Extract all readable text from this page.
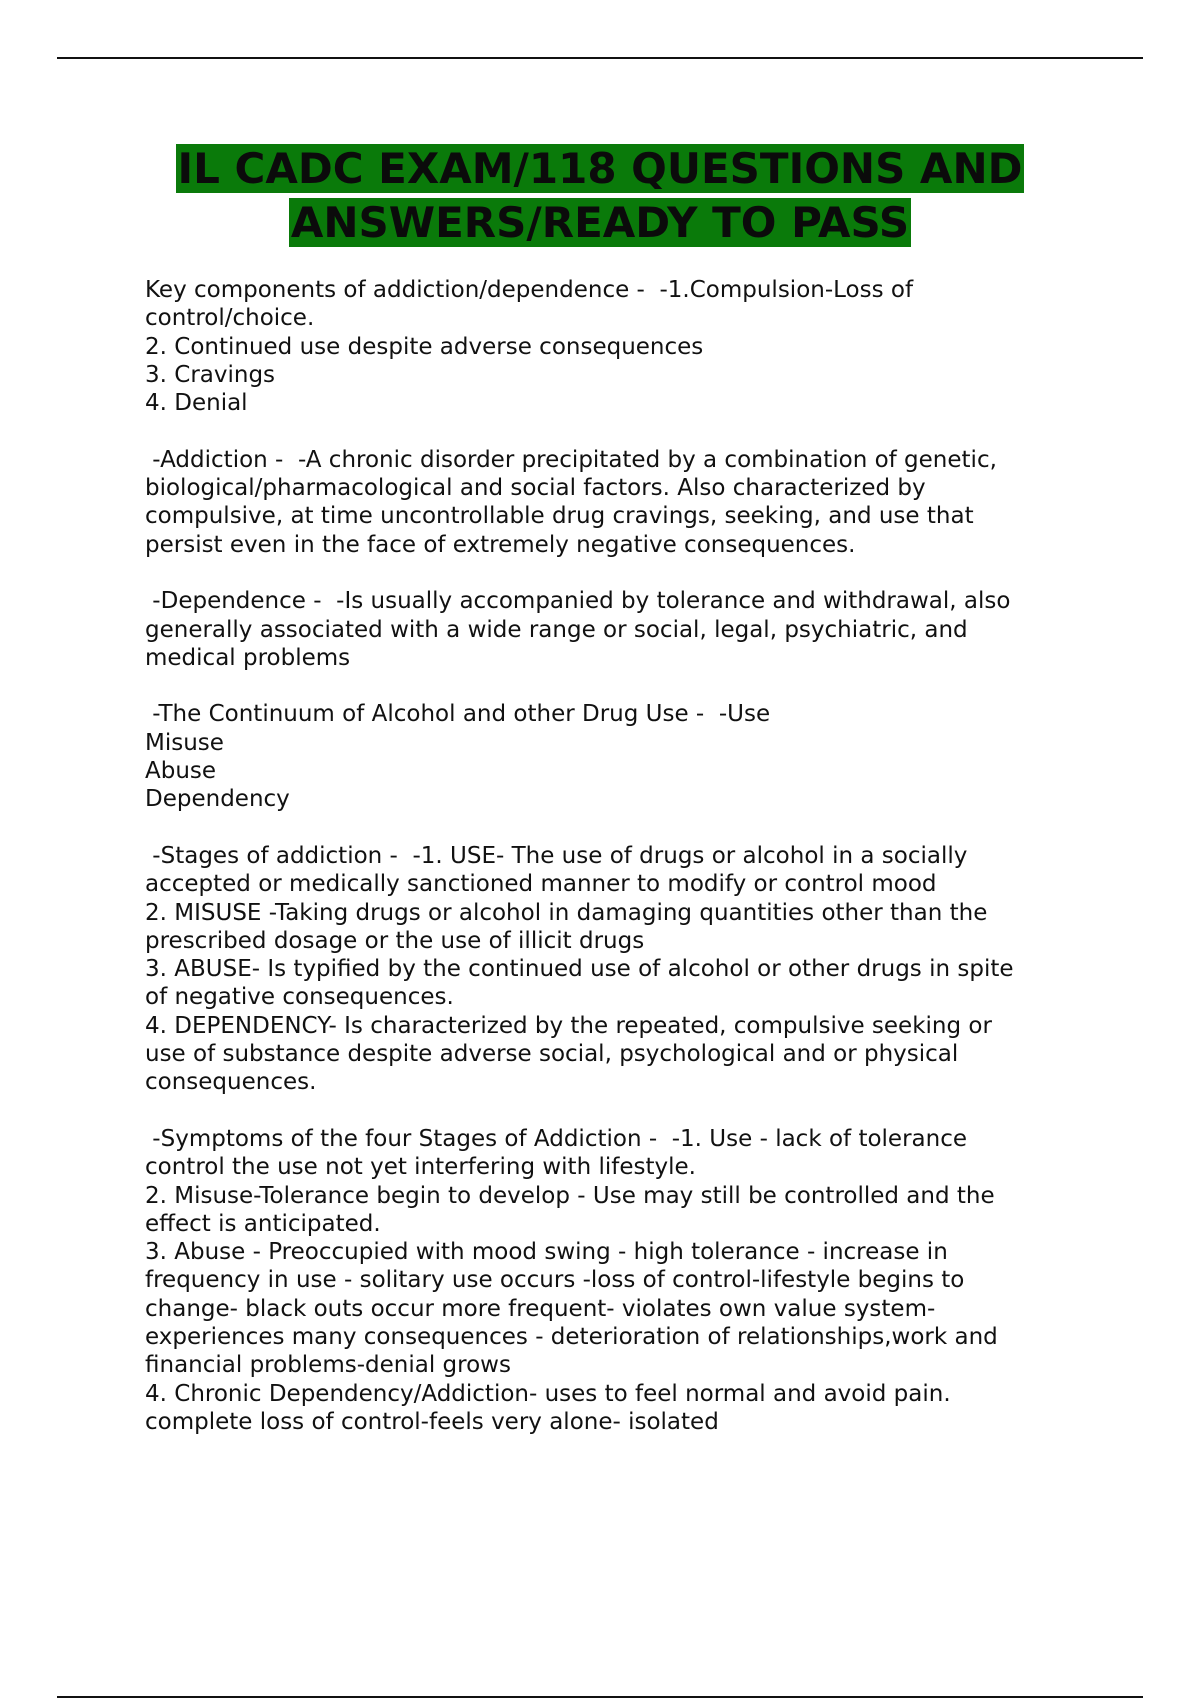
IL CADC EXAM/118 QUESTIONS AND
ANSWERS/READY TO PASS
Key components of addiction/dependence -  -1.Compulsion-Loss of
control/choice.
2. Continued use despite adverse consequences
3. Cravings
4. Denial
-Addiction -  -A chronic disorder precipitated by a combination of genetic,
biological/pharmacological and social factors. Also characterized by
compulsive, at time uncontrollable drug cravings, seeking, and use that
persist even in the face of extremely negative consequences.
-Dependence -  -Is usually accompanied by tolerance and withdrawal, also
generally associated with a wide range or social, legal, psychiatric, and
medical problems
-The Continuum of Alcohol and other Drug Use -  -Use
Misuse
Abuse
Dependency
-Stages of addiction -  -1. USE- The use of drugs or alcohol in a socially
accepted or medically sanctioned manner to modify or control mood
2. MISUSE -Taking drugs or alcohol in damaging quantities other than the
prescribed dosage or the use of illicit drugs
3. ABUSE- Is typified by the continued use of alcohol or other drugs in spite
of negative consequences.
4. DEPENDENCY- Is characterized by the repeated, compulsive seeking or
use of substance despite adverse social, psychological and or physical
consequences.
-Symptoms of the four Stages of Addiction -  -1. Use - lack of tolerance
control the use not yet interfering with lifestyle.
2. Misuse-Tolerance begin to develop - Use may still be controlled and the
effect is anticipated.
3. Abuse - Preoccupied with mood swing - high tolerance - increase in
frequency in use - solitary use occurs -loss of control-lifestyle begins to
change- black outs occur more frequent- violates own value system-
experiences many consequences - deterioration of relationships,work and
financial problems-denial grows
4. Chronic Dependency/Addiction- uses to feel normal and avoid pain.
complete loss of control-feels very alone- isolated
